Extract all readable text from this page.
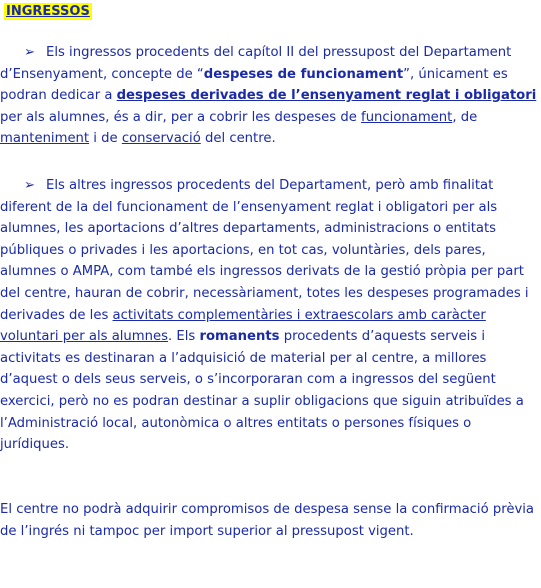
INGRESSOS

➢ Els ingressos procedents del capítol II del pressupost del Departament d’Ensenyament, concepte de “despeses de funcionament”, únicament es podran dedicar a despeses derivades de l’ensenyament reglat i obligatori per als alumnes, és a dir, per a cobrir les despeses de funcionament, de manteniment i de conservació del centre.

➢ Els altres ingressos procedents del Departament, però amb finalitat diferent de la del funcionament de l’ensenyament reglat i obligatori per als alumnes, les aportacions d’altres departaments, administracions o entitats públiques o privades i les aportacions, en tot cas, voluntàries, dels pares, alumnes o AMPA, com també els ingressos derivats de la gestió pròpia per part del centre, hauran de cobrir, necessàriament, totes les despeses programades i derivades de les activitats complementàries i extraescolars amb caràcter voluntari per als alumnes. Els romanents procedents d’aquests serveis i activitats es destinaran a l’adquisició de material per al centre, a millores d’aquest o dels seus serveis, o s’incorporaran com a ingressos del següent exercici, però no es podran destinar a suplir obligacions que siguin atribuïdes a l’Administració local, autonòmica o altres entitats o persones físiques o jurídiques.

El centre no podrà adquirir compromisos de despesa sense la confirmació prèvia de l’ingrés ni tampoc per import superior al pressupost vigent.
